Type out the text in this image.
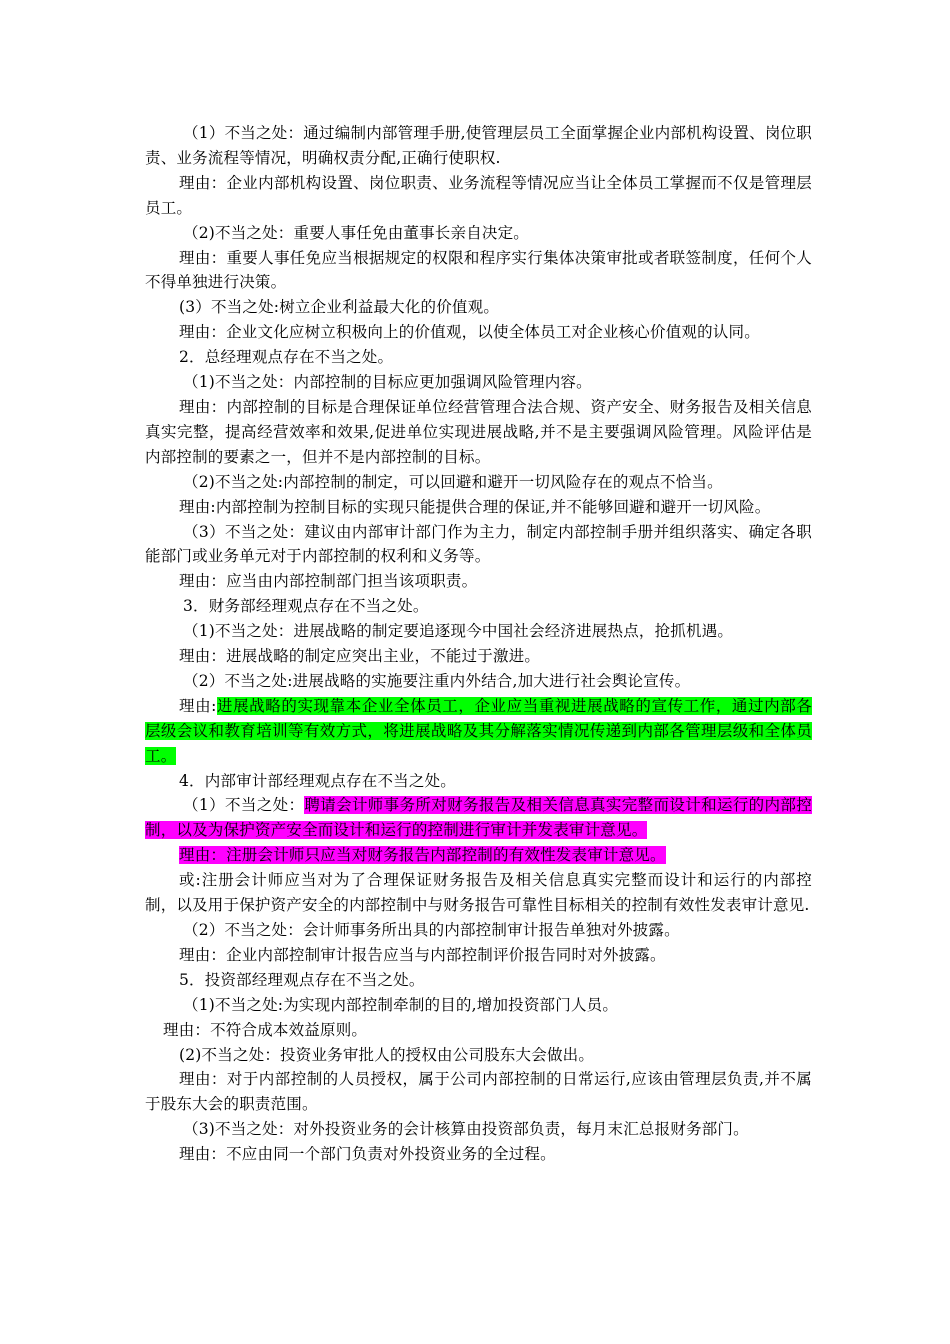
（1）不当之处：通过编制内部管理手册,使管理层员工全面掌握企业内部机构设置、岗位职责、业务流程等情况，明确权责分配,正确行使职权.

理由：企业内部机构设置、岗位职责、业务流程等情况应当让全体员工掌握而不仅是管理层员工。

（2)不当之处：重要人事任免由董事长亲自决定。

理由：重要人事任免应当根据规定的权限和程序实行集体决策审批或者联签制度，任何个人不得单独进行决策。

(3）不当之处:树立企业利益最大化的价值观。

理由：企业文化应树立积极向上的价值观，以使全体员工对企业核心价值观的认同。

2．总经理观点存在不当之处。

（1)不当之处：内部控制的目标应更加强调风险管理内容。

理由：内部控制的目标是合理保证单位经营管理合法合规、资产安全、财务报告及相关信息真实完整，提高经营效率和效果,促进单位实现进展战略,并不是主要强调风险管理。风险评估是内部控制的要素之一，但并不是内部控制的目标。

（2)不当之处:内部控制的制定，可以回避和避开一切风险存在的观点不恰当。

理由:内部控制为控制目标的实现只能提供合理的保证,并不能够回避和避开一切风险。

（3）不当之处：建议由内部审计部门作为主力，制定内部控制手册并组织落实、确定各职能部门或业务单元对于内部控制的权利和义务等。

理由：应当由内部控制部门担当该项职责。

3．财务部经理观点存在不当之处。

（1)不当之处：进展战略的制定要追逐现今中国社会经济进展热点，抢抓机遇。

理由：进展战略的制定应突出主业，不能过于激进。

（2）不当之处:进展战略的实施要注重内外结合,加大进行社会舆论宣传。

理由:进展战略的实现靠本企业全体员工，企业应当重视进展战略的宣传工作，通过内部各层级会议和教育培训等有效方式，将进展战略及其分解落实情况传递到内部各管理层级和全体员工。

4．内部审计部经理观点存在不当之处。

（1）不当之处：聘请会计师事务所对财务报告及相关信息真实完整而设计和运行的内部控制，以及为保护资产安全而设计和运行的控制进行审计并发表审计意见。

理由：注册会计师只应当对财务报告内部控制的有效性发表审计意见。

或:注册会计师应当对为了合理保证财务报告及相关信息真实完整而设计和运行的内部控制，以及用于保护资产安全的内部控制中与财务报告可靠性目标相关的控制有效性发表审计意见.

（2）不当之处：会计师事务所出具的内部控制审计报告单独对外披露。

理由：企业内部控制审计报告应当与内部控制评价报告同时对外披露。

5．投资部经理观点存在不当之处。

（1)不当之处:为实现内部控制牵制的目的,增加投资部门人员。

理由：不符合成本效益原则。

(2)不当之处：投资业务审批人的授权由公司股东大会做出。

理由：对于内部控制的人员授权，属于公司内部控制的日常运行,应该由管理层负责,并不属于股东大会的职责范围。

（3)不当之处：对外投资业务的会计核算由投资部负责，每月末汇总报财务部门。

理由：不应由同一个部门负责对外投资业务的全过程。
